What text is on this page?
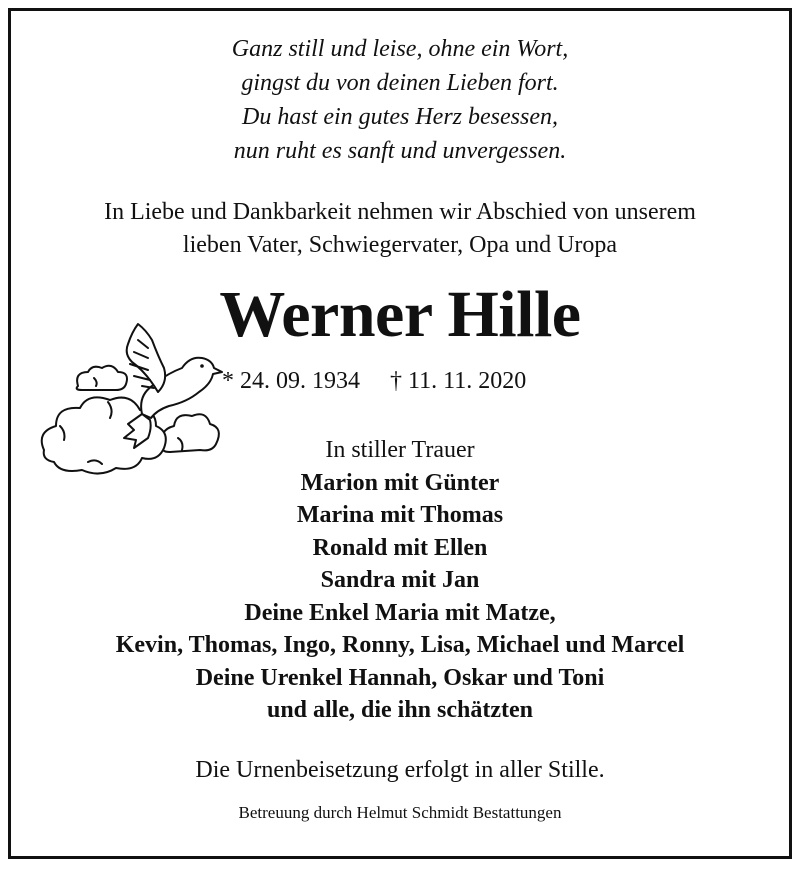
Ganz still und leise, ohne ein Wort,
gingst du von deinen Lieben fort.
Du hast ein gutes Herz besessen,
nun ruht es sanft und unvergessen.
In Liebe und Dankbarkeit nehmen wir Abschied von unserem
lieben Vater, Schwiegervater, Opa und Uropa
Werner Hille
* 24. 09. 1934 † 11. 11. 2020
In stiller Trauer
Marion mit Günter
Marina mit Thomas
Ronald mit Ellen
Sandra mit Jan
Deine Enkel Maria mit Matze,
Kevin, Thomas, Ingo, Ronny, Lisa, Michael und Marcel
Deine Urenkel Hannah, Oskar und Toni
und alle, die ihn schätzten
Die Urnenbeisetzung erfolgt in aller Stille.
Betreuung durch Helmut Schmidt Bestattungen
